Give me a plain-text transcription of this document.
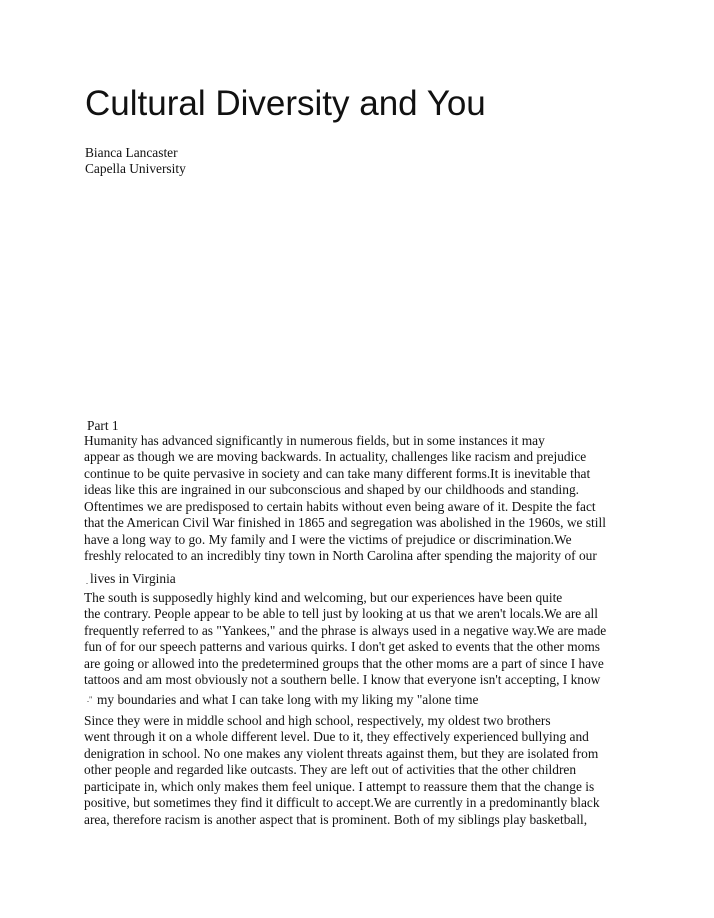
Cultural Diversity and You
Bianca Lancaster
Capella University
Part 1
Humanity has advanced significantly in numerous fields, but in some instances it may
appear as though we are moving backwards. In actuality, challenges like racism and prejudice
continue to be quite pervasive in society and can take many different forms.It is inevitable that
ideas like this are ingrained in our subconscious and shaped by our childhoods and standing.
Oftentimes we are predisposed to certain habits without even being aware of it. Despite the fact
that the American Civil War finished in 1865 and segregation was abolished in the 1960s, we still
have a long way to go. My family and I were the victims of prejudice or discrimination.We
freshly relocated to an incredibly tiny town in North Carolina after spending the majority of our
. lives in Virginia
The south is supposedly highly kind and welcoming, but our experiences have been quite
the contrary. People appear to be able to tell just by looking at us that we aren't locals.We are all
frequently referred to as "Yankees," and the phrase is always used in a negative way.We are made
fun of for our speech patterns and various quirks. I don't get asked to events that the other moms
are going or allowed into the predetermined groups that the other moms are a part of since I have
tattoos and am most obviously not a southern belle. I know that everyone isn't accepting, I know
." my boundaries and what I can take long with my liking my "alone time
Since they were in middle school and high school, respectively, my oldest two brothers
went through it on a whole different level. Due to it, they effectively experienced bullying and
denigration in school. No one makes any violent threats against them, but they are isolated from
other people and regarded like outcasts. They are left out of activities that the other children
participate in, which only makes them feel unique. I attempt to reassure them that the change is
positive, but sometimes they find it difficult to accept.We are currently in a predominantly black
area, therefore racism is another aspect that is prominent. Both of my siblings play basketball,
